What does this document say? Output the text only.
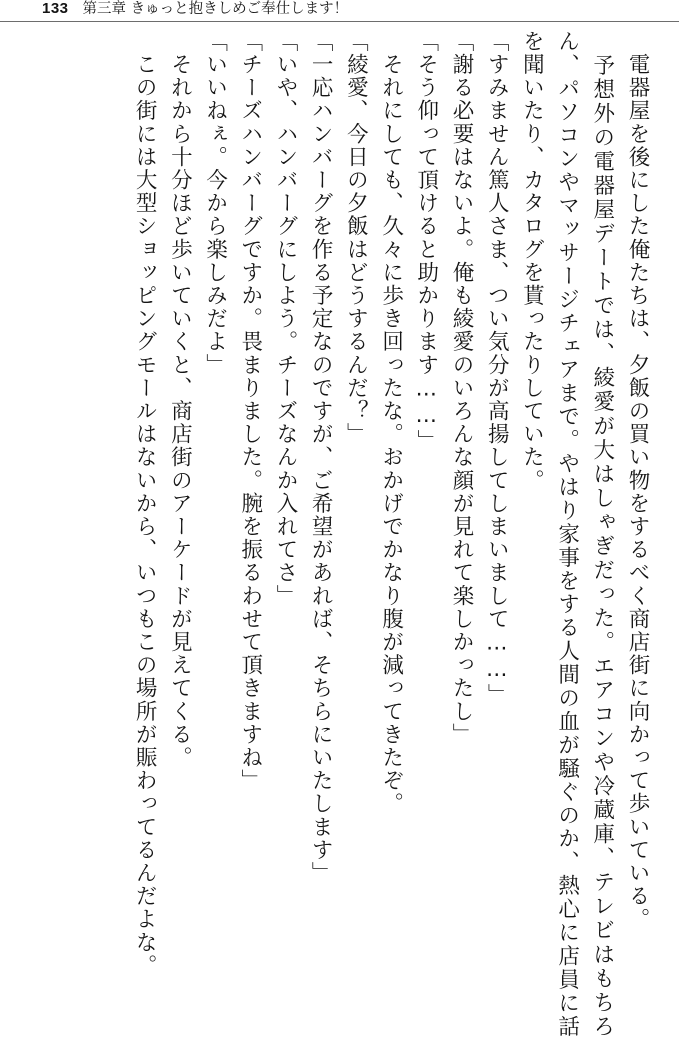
133 第三章 きゅっと抱きしめご奉仕します！

　電器屋を後にした俺たちは、夕飯の買い物をするべく商店街に向かって歩いている。

　予想外の電器屋デートでは、綾愛が大はしゃぎだった。エアコンや冷蔵庫、テレビはもちろん、パソコンやマッサージチェアまで。やはり家事をする人間の血が騒ぐのか、熱心に店員に話を聞いたり、カタログを貰ったりしていた。

「すみません篤人さま、つい気分が高揚してしまいまして……」

「謝る必要はないよ。俺も綾愛のいろんな顔が見れて楽しかったし」

「そう仰って頂けると助かります……」

　それにしても、久々に歩き回ったな。おかげでかなり腹が減ってきたぞ。

「綾愛、今日の夕飯はどうするんだ？」

「一応ハンバーグを作る予定なのですが、ご希望があれば、そちらにいたします」

「いや、ハンバーグにしよう。チーズなんか入れてさ」

「チーズハンバーグですか。畏まりました。腕を振るわせて頂きますね」

「いいねぇ。今から楽しみだよ」

　それから十分ほど歩いていくと、商店街のアーケードが見えてくる。

　この街には大型ショッピングモールはないから、いつもこの場所が賑わってるんだよな。
